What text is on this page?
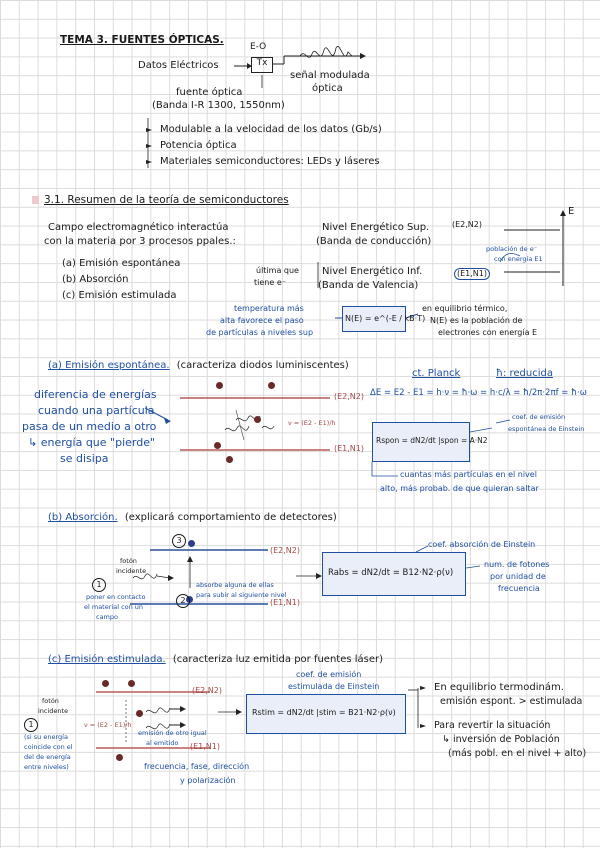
TEMA 3. FUENTES ÓPTICAS.
E-O
Tx
Datos Eléctricos
señal modulada
óptica
fuente óptica
(Banda I-R 1300, 1550nm)
Modulable a la velocidad de los datos (Gb/s)
Potencia óptica
Materiales semiconductores: LEDs y láseres
3.1. Resumen de la teoría de semiconductores
Campo electromagnético interactúa
con la materia por 3 procesos ppales.:
(a) Emisión espontánea
(b) Absorción
(c) Emisión estimulada
Nivel Energético Sup.
(Banda de conducción)
última que
tiene e⁻
Nivel Energético Inf.
(Banda de Valencia)
(E2,N2)
(E1,N1)
E
población de e⁻
con energía E1
temperatura más
alta favorece el paso
de partículas a niveles sup
N(E) = e^(-E / kB·T)
en equilibrio térmico,
N(E) es la población de
electrones con energía E
(a) Emisión espontánea. (caracteriza diodos luminiscentes)
ct. Planck	ħ: reducida
ΔE = E2 - E1 = h·ν = ħ·ω = h·c/λ = ħ/2π·2πf = ħ·ω
diferencia de energías
cuando una partícula
pasa de un medio a otro
↳ energía que "pierde"
se disipa
ν = (E2 - E1)/h
(E2,N2)
(E1,N1)
Rspon = dN2/dt |spon = A·N2
coef. de emisión
espontánea de Einstein
cuantas más partículas en el nivel
alto, más probab. de que quieran saltar
(b) Absorción. (explicará comportamiento de detectores)
3
fotón
incidente
1
2
poner en contacto
el material con un
campo
absorbe alguna de ellas
para subir al siguiente nivel
(E2,N2)
(E1,N1)
Rabs = dN2/dt = B12·N2·ρ(ν)
coef. absorción de Einstein
num. de fotones
por unidad de
frecuencia
(c) Emisión estimulada. (caracteriza luz emitida por fuentes láser)
coef. de emisión
estimulada de Einstein
fotón
incidente
1	ν = (E2 - E1)/h
(si su energía
coincide con el
del de energía
entre niveles)
emisión de otro igual
al emitido
(E2,N2)
(E1,N1)
frecuencia, fase, dirección
y polarización
Rstim = dN2/dt |stim = B21·N2·ρ(ν)
En equilibrio termodinám.
emisión espont. > estimulada
Para revertir la situación
↳ inversión de Población
(más pobl. en el nivel + alto)
